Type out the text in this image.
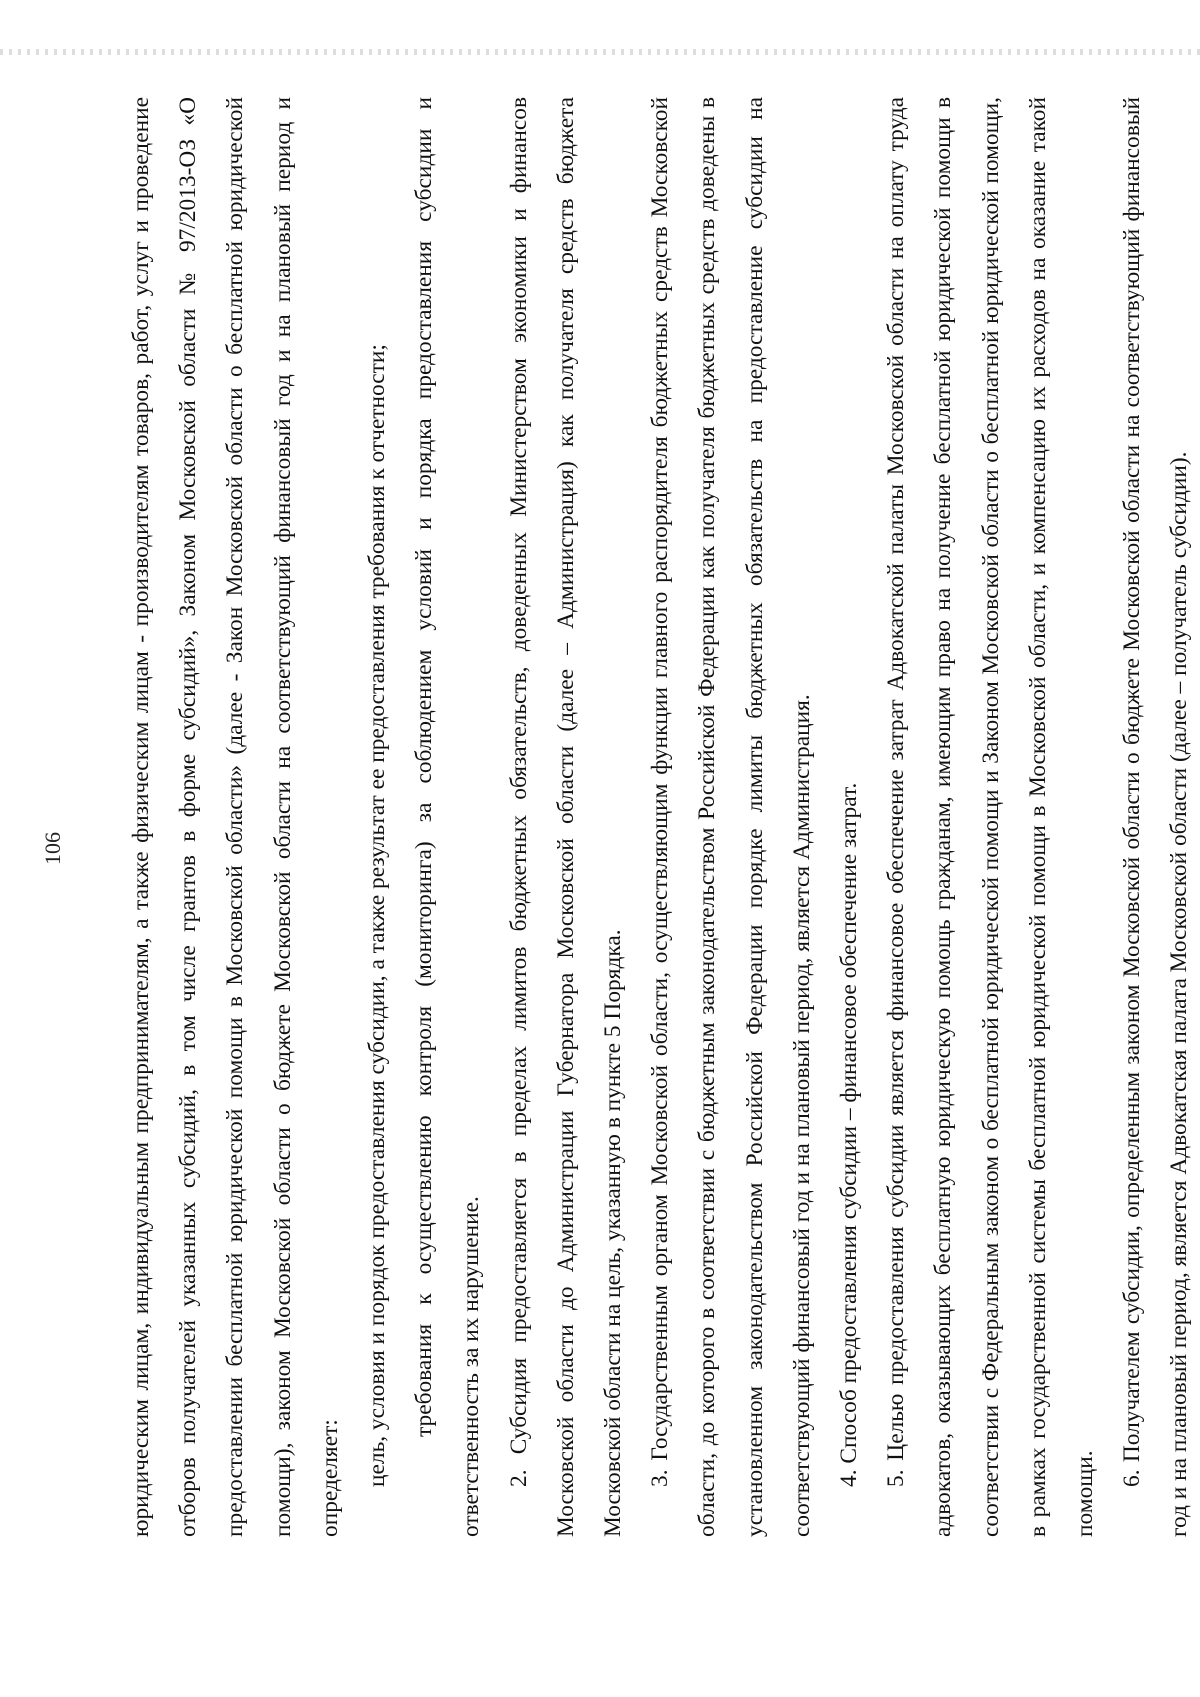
106	юридическим лицам, индивидуальным предпринимателям, а также физическим лицам - производителям товаров, работ, услуг и проведение отборов получателей указанных субсидий, в том числе грантов в форме субсидий», Законом Московской области № 97/2013-ОЗ «О предоставлении бесплатной юридической помощи в Московской области» (далее - Закон Московской области о бесплатной юридической помощи), законом Московской области о бюджете Московской области на соответствующий финансовый год и на плановый период и определяет: цель, условия и порядок предоставления субсидии, а также результат ее предоставления требования к отчетности; требования к осуществлению контроля (мониторинга) за соблюдением условий и порядка предоставления субсидии и ответственность за их нарушение. 2. Субсидия предоставляется в пределах лимитов бюджетных обязательств, доведенных Министерством экономики и финансов Московской области до Администрации Губернатора Московской области (далее – Администрация) как получателя средств бюджета Московской области на цель, указанную в пункте 5 Порядка. 3. Государственным органом Московской области, осуществляющим функции главного распорядителя бюджетных средств Московской области, до которого в соответствии с бюджетным законодательством Российской Федерации как получателя бюджетных средств доведены в установленном законодательством Российской Федерации порядке лимиты бюджетных обязательств на предоставление субсидии на соответствующий финансовый год и на плановый период, является Администрация. 4. Способ предоставления субсидии – финансовое обеспечение затрат. 5. Целью предоставления субсидии является финансовое обеспечение затрат Адвокатской палаты Московской области на оплату труда адвокатов, оказывающих бесплатную юридическую помощь гражданам, имеющим право на получение бесплатной юридической помощи в соответствии с Федеральным законом о бесплатной юридической помощи и Законом Московской области о бесплатной юридической помощи, в рамках государственной системы бесплатной юридической помощи в Московской области, и компенсацию их расходов на оказание такой помощи.

6. Получателем субсидии, определенным законом Московской области о бюджете Московской области на соответствующий финансовый год и на плановый период, является Адвокатская палата Московской области (далее – получатель субсидии).
